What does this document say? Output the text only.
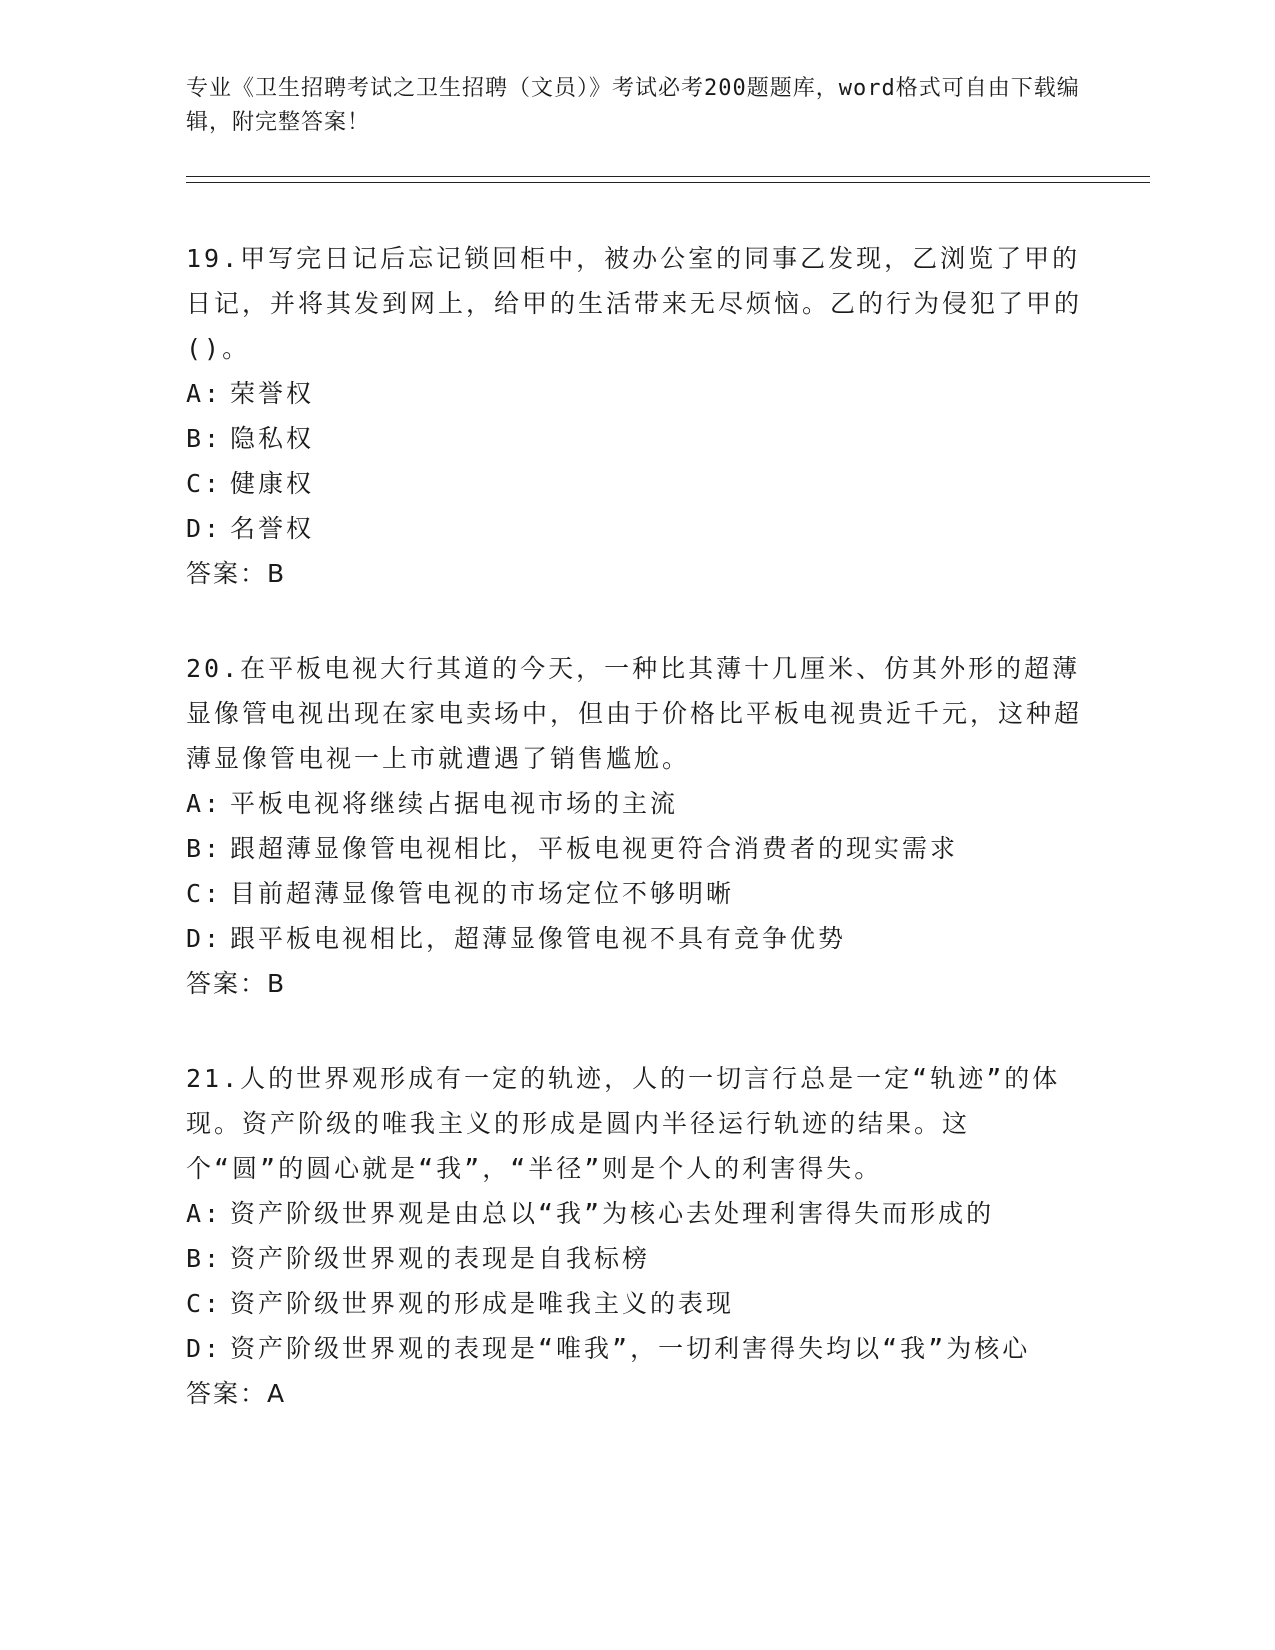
专业《卫生招聘考试之卫生招聘（文员）》考试必考200题题库，word格式可自由下载编辑，附完整答案！

19.甲写完日记后忘记锁回柜中，被办公室的同事乙发现，乙浏览了甲的日记，并将其发到网上，给甲的生活带来无尽烦恼。乙的行为侵犯了甲的()。

A: 荣誉权

B: 隐私权

C: 健康权

D: 名誉权

答案：B

20.在平板电视大行其道的今天，一种比其薄十几厘米、仿其外形的超薄显像管电视出现在家电卖场中，但由于价格比平板电视贵近千元，这种超薄显像管电视一上市就遭遇了销售尴尬。

A: 平板电视将继续占据电视市场的主流

B: 跟超薄显像管电视相比，平板电视更符合消费者的现实需求

C: 目前超薄显像管电视的市场定位不够明晰

D: 跟平板电视相比，超薄显像管电视不具有竞争优势

答案：B

21.人的世界观形成有一定的轨迹，人的一切言行总是一定“轨迹”的体现。资产阶级的唯我主义的形成是圆内半径运行轨迹的结果。这个“圆”的圆心就是“我”，“半径”则是个人的利害得失。

A: 资产阶级世界观是由总以“我”为核心去处理利害得失而形成的

B: 资产阶级世界观的表现是自我标榜

C: 资产阶级世界观的形成是唯我主义的表现

D: 资产阶级世界观的表现是“唯我”，一切利害得失均以“我”为核心

答案：A
